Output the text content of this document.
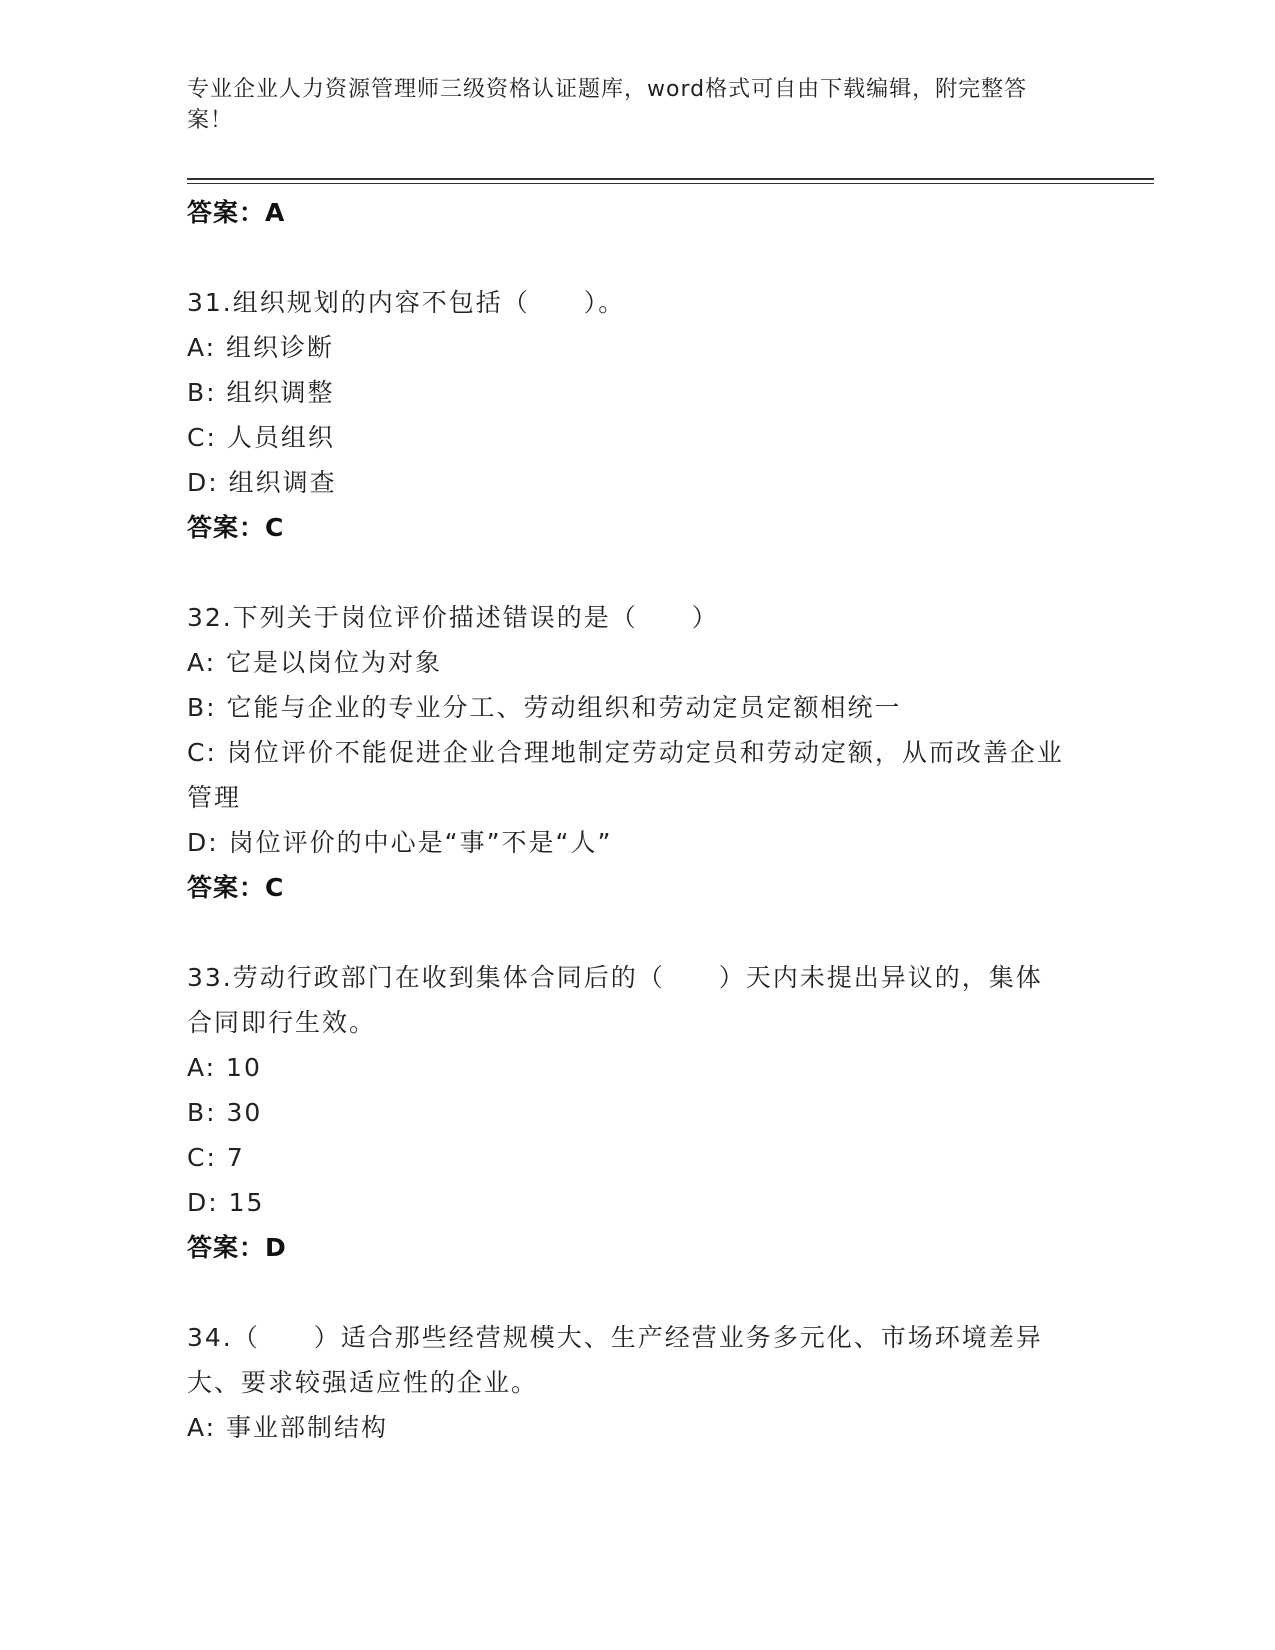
专业企业人力资源管理师三级资格认证题库，word格式可自由下载编辑，附完整答案！
答案：A
31.组织规划的内容不包括（　　）。
A: 组织诊断
B: 组织调整
C: 人员组织
D: 组织调查
答案：C
32.下列关于岗位评价描述错误的是（　　）
A: 它是以岗位为对象
B: 它能与企业的专业分工、劳动组织和劳动定员定额相统一
C: 岗位评价不能促进企业合理地制定劳动定员和劳动定额，从而改善企业管理
D: 岗位评价的中心是“事”不是“人”
答案：C
33.劳动行政部门在收到集体合同后的（　　）天内未提出异议的，集体合同即行生效。
A: 10
B: 30
C: 7
D: 15
答案：D
34.（　　）适合那些经营规模大、生产经营业务多元化、市场环境差异大、要求较强适应性的企业。
A: 事业部制结构
